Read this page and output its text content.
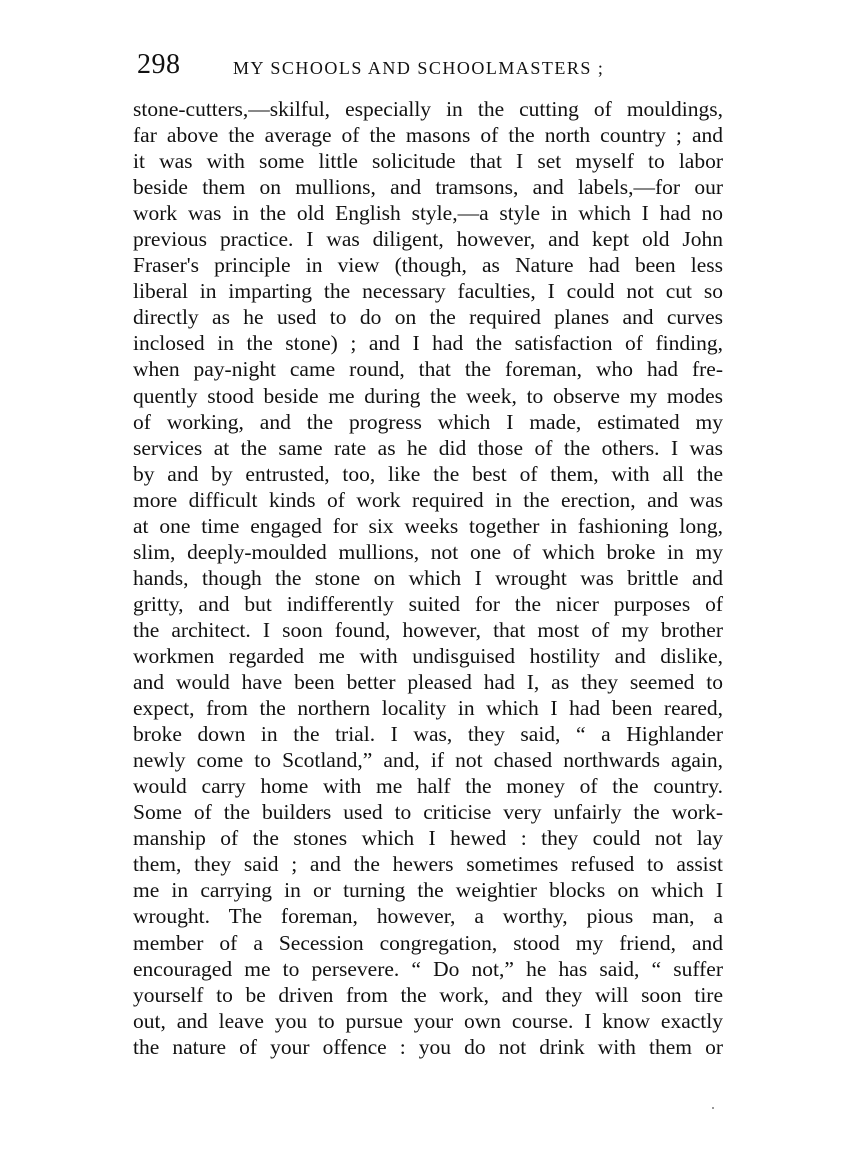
298	MY SCHOOLS AND SCHOOLMASTERS ;
stone-cutters,—skilful, especially in the cutting of mouldings,
far above the average of the masons of the north country ; and
it was with some little solicitude that I set myself to labor
beside them on mullions, and tramsons, and labels,—for our
work was in the old English style,—a style in which I had no
previous practice. I was diligent, however, and kept old John
Fraser's principle in view (though, as Nature had been less
liberal in imparting the necessary faculties, I could not cut so
directly as he used to do on the required planes and curves
inclosed in the stone) ; and I had the satisfaction of finding,
when pay-night came round, that the foreman, who had fre-
quently stood beside me during the week, to observe my modes
of working, and the progress which I made, estimated my
services at the same rate as he did those of the others. I was
by and by entrusted, too, like the best of them, with all the
more difficult kinds of work required in the erection, and was
at one time engaged for six weeks together in fashioning long,
slim, deeply-moulded mullions, not one of which broke in my
hands, though the stone on which I wrought was brittle and
gritty, and but indifferently suited for the nicer purposes of
the architect. I soon found, however, that most of my brother
workmen regarded me with undisguised hostility and dislike,
and would have been better pleased had I, as they seemed to
expect, from the northern locality in which I had been reared,
broke down in the trial. I was, they said, “ a Highlander
newly come to Scotland,” and, if not chased northwards again,
would carry home with me half the money of the country.
Some of the builders used to criticise very unfairly the work-
manship of the stones which I hewed : they could not lay
them, they said ; and the hewers sometimes refused to assist
me in carrying in or turning the weightier blocks on which I
wrought. The foreman, however, a worthy, pious man, a
member of a Secession congregation, stood my friend, and
encouraged me to persevere. “ Do not,” he has said, “ suffer
yourself to be driven from the work, and they will soon tire
out, and leave you to pursue your own course. I know exactly
the nature of your offence : you do not drink with them or
